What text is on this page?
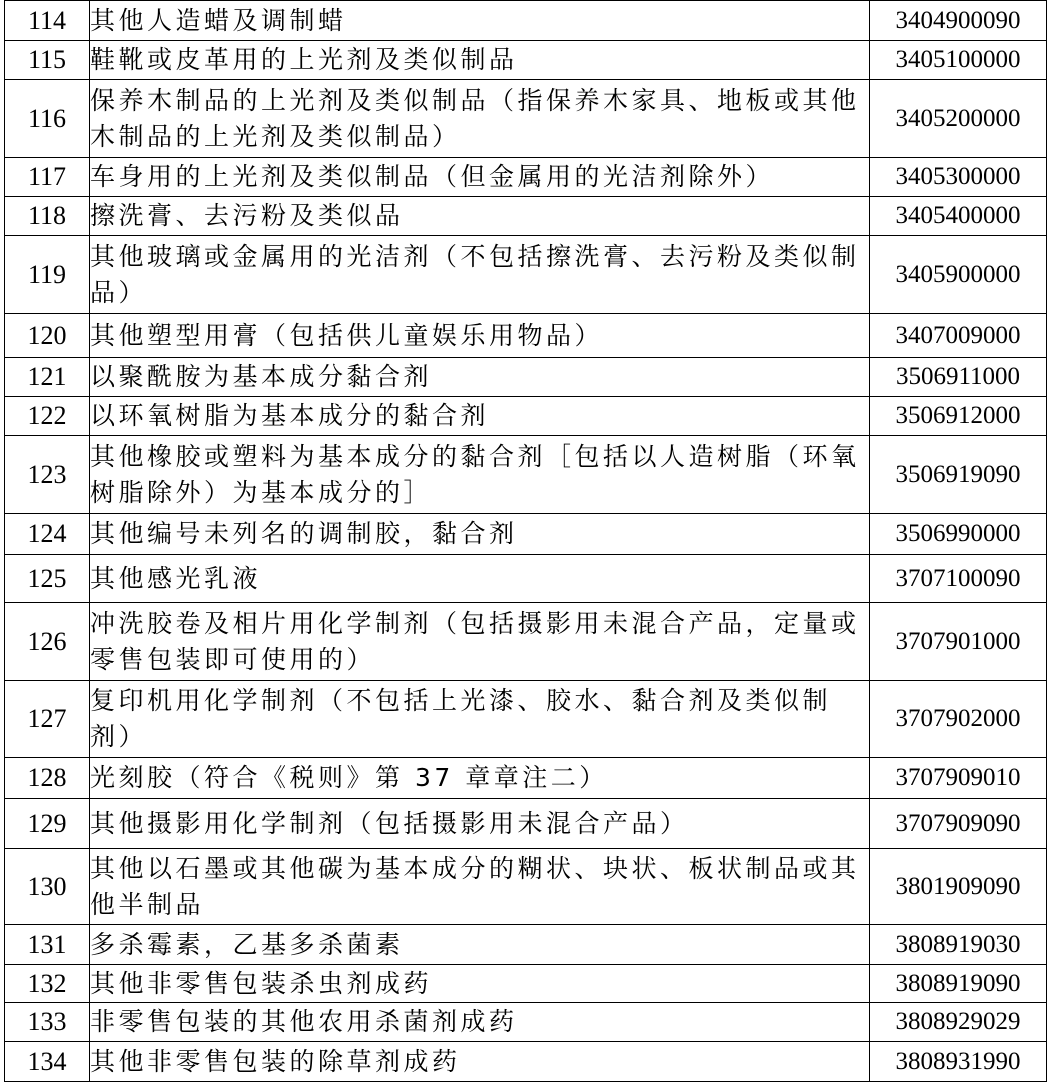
114	其他人造蜡及调制蜡	3404900090
115	鞋靴或皮革用的上光剂及类似制品	3405100000
116	保养木制品的上光剂及类似制品（指保养木家具、地板或其他木制品的上光剂及类似制品）	3405200000
117	车身用的上光剂及类似制品（但金属用的光洁剂除外）	3405300000
118	擦洗膏、去污粉及类似品	3405400000
119	其他玻璃或金属用的光洁剂（不包括擦洗膏、去污粉及类似制品）	3405900000
120	其他塑型用膏（包括供儿童娱乐用物品）	3407009000
121	以聚酰胺为基本成分黏合剂	3506911000
122	以环氧树脂为基本成分的黏合剂	3506912000
123	其他橡胶或塑料为基本成分的黏合剂［包括以人造树脂（环氧树脂除外）为基本成分的］	3506919090
124	其他编号未列名的调制胶，黏合剂	3506990000
125	其他感光乳液	3707100090
126	冲洗胶卷及相片用化学制剂（包括摄影用未混合产品，定量或零售包装即可使用的）	3707901000
127	复印机用化学制剂（不包括上光漆、胶水、黏合剂及类似制剂）	3707902000
128	光刻胶（符合《税则》第 37 章章注二）	3707909010
129	其他摄影用化学制剂（包括摄影用未混合产品）	3707909090
130	其他以石墨或其他碳为基本成分的糊状、块状、板状制品或其他半制品	3801909090
131	多杀霉素，乙基多杀菌素	3808919030
132	其他非零售包装杀虫剂成药	3808919090
133	非零售包装的其他农用杀菌剂成药	3808929029
134	其他非零售包装的除草剂成药	3808931990
